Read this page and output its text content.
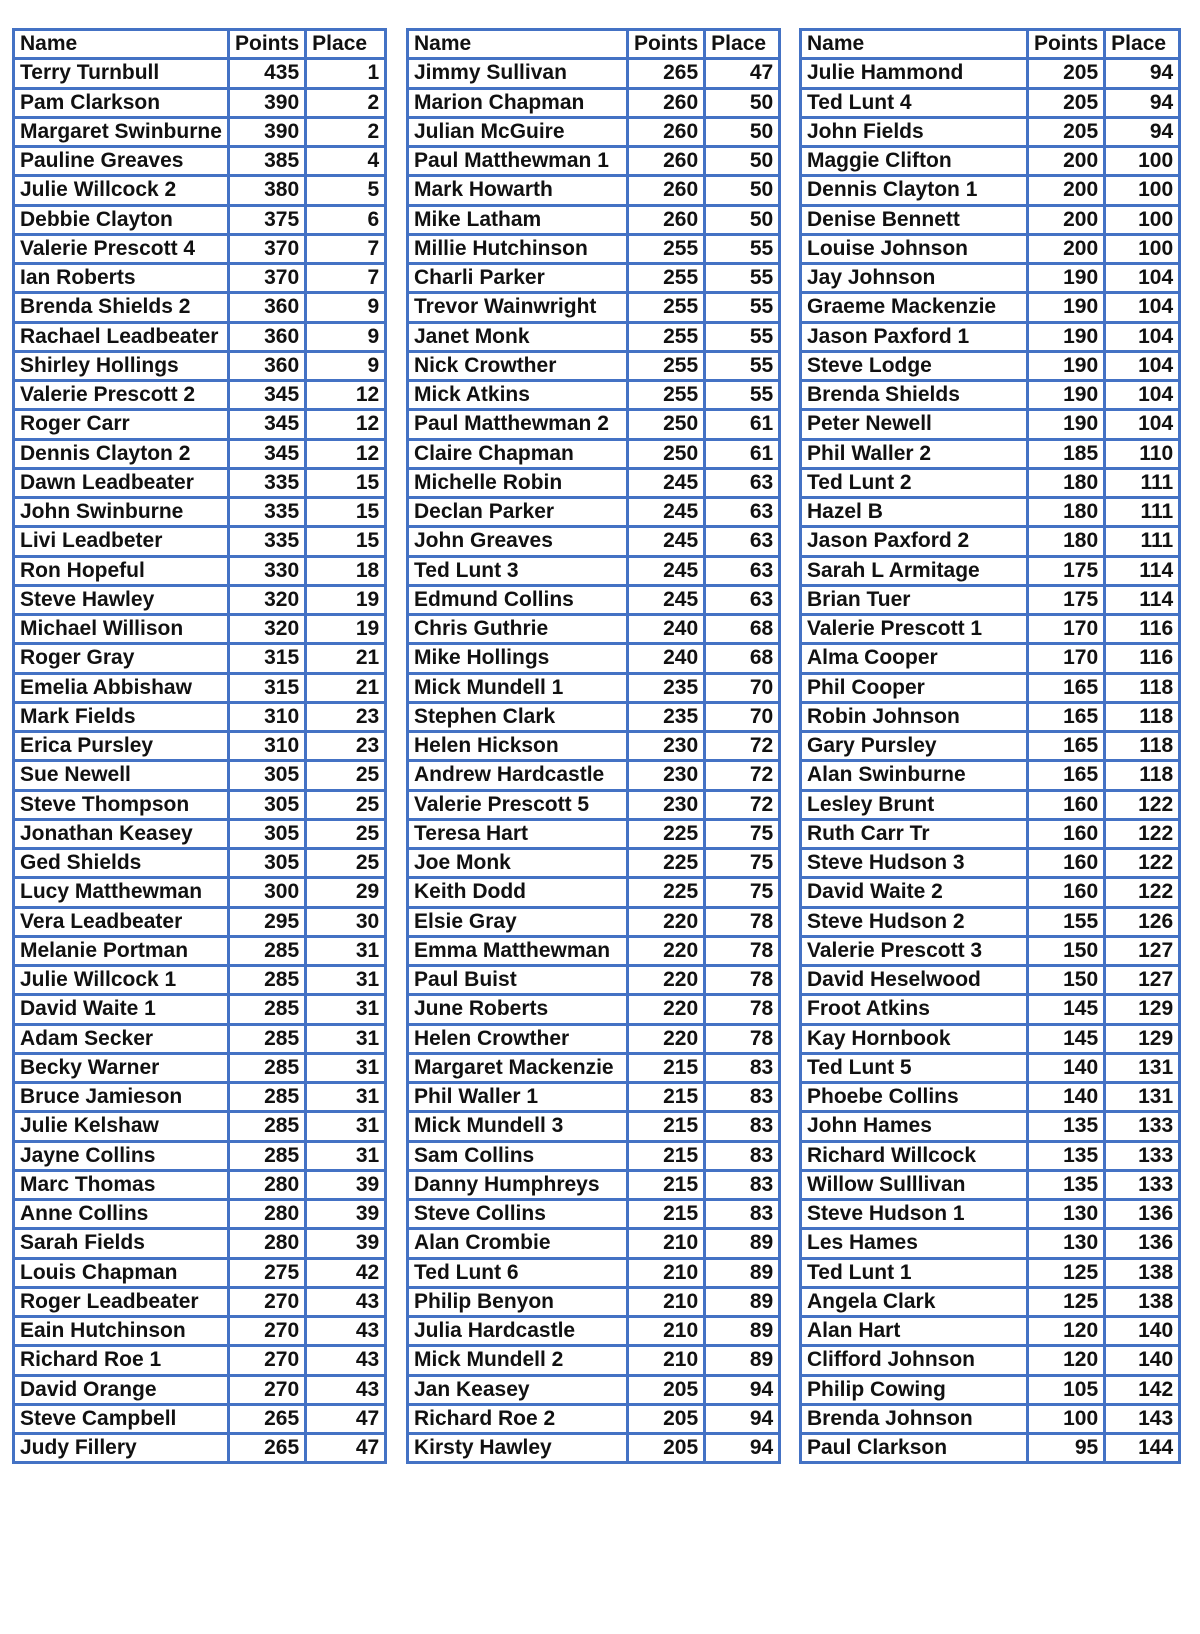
Name	Points	Place
Terry Turnbull	435	1
Pam Clarkson	390	2
Margaret Swinburne	390	2
Pauline Greaves	385	4
Julie Willcock 2	380	5
Debbie Clayton	375	6
Valerie Prescott 4	370	7
Ian Roberts	370	7
Brenda Shields 2	360	9
Rachael Leadbeater	360	9
Shirley Hollings	360	9
Valerie Prescott 2	345	12
Roger Carr	345	12
Dennis Clayton 2	345	12
Dawn Leadbeater	335	15
John Swinburne	335	15
Livi Leadbeter	335	15
Ron Hopeful	330	18
Steve Hawley	320	19
Michael Willison	320	19
Roger Gray	315	21
Emelia Abbishaw	315	21
Mark Fields	310	23
Erica Pursley	310	23
Sue Newell	305	25
Steve Thompson	305	25
Jonathan Keasey	305	25
Ged Shields	305	25
Lucy Matthewman	300	29
Vera Leadbeater	295	30
Melanie Portman	285	31
Julie Willcock 1	285	31
David Waite 1	285	31
Adam Secker	285	31
Becky Warner	285	31
Bruce Jamieson	285	31
Julie Kelshaw	285	31
Jayne Collins	285	31
Marc Thomas	280	39
Anne Collins	280	39
Sarah Fields	280	39
Louis Chapman	275	42
Roger Leadbeater	270	43
Eain Hutchinson	270	43
Richard Roe 1	270	43
David Orange	270	43
Steve Campbell	265	47
Judy Fillery	265	47
Name	Points	Place
Jimmy Sullivan	265	47
Marion Chapman	260	50
Julian McGuire	260	50
Paul Matthewman 1	260	50
Mark Howarth	260	50
Mike Latham	260	50
Millie Hutchinson	255	55
Charli Parker	255	55
Trevor Wainwright	255	55
Janet Monk	255	55
Nick Crowther	255	55
Mick Atkins	255	55
Paul Matthewman 2	250	61
Claire Chapman	250	61
Michelle Robin	245	63
Declan Parker	245	63
John Greaves	245	63
Ted Lunt 3	245	63
Edmund Collins	245	63
Chris Guthrie	240	68
Mike Hollings	240	68
Mick Mundell 1	235	70
Stephen Clark	235	70
Helen Hickson	230	72
Andrew Hardcastle	230	72
Valerie Prescott 5	230	72
Teresa Hart	225	75
Joe Monk	225	75
Keith Dodd	225	75
Elsie Gray	220	78
Emma Matthewman	220	78
Paul Buist	220	78
June Roberts	220	78
Helen Crowther	220	78
Margaret Mackenzie	215	83
Phil Waller 1	215	83
Mick Mundell 3	215	83
Sam Collins	215	83
Danny Humphreys	215	83
Steve Collins	215	83
Alan Crombie	210	89
Ted Lunt 6	210	89
Philip Benyon	210	89
Julia Hardcastle	210	89
Mick Mundell 2	210	89
Jan Keasey	205	94
Richard Roe 2	205	94
Kirsty Hawley	205	94
Name	Points	Place
Julie Hammond	205	94
Ted Lunt 4	205	94
John Fields	205	94
Maggie Clifton	200	100
Dennis Clayton 1	200	100
Denise Bennett	200	100
Louise Johnson	200	100
Jay Johnson	190	104
Graeme Mackenzie	190	104
Jason Paxford 1	190	104
Steve Lodge	190	104
Brenda Shields	190	104
Peter Newell	190	104
Phil Waller 2	185	110
Ted Lunt 2	180	111
Hazel B	180	111
Jason Paxford 2	180	111
Sarah L Armitage	175	114
Brian Tuer	175	114
Valerie Prescott 1	170	116
Alma Cooper	170	116
Phil Cooper	165	118
Robin Johnson	165	118
Gary Pursley	165	118
Alan Swinburne	165	118
Lesley Brunt	160	122
Ruth Carr Tr	160	122
Steve Hudson 3	160	122
David Waite 2	160	122
Steve Hudson 2	155	126
Valerie Prescott 3	150	127
David Heselwood	150	127
Froot Atkins	145	129
Kay Hornbook	145	129
Ted Lunt 5	140	131
Phoebe Collins	140	131
John Hames	135	133
Richard Willcock	135	133
Willow Sulllivan	135	133
Steve Hudson 1	130	136
Les Hames	130	136
Ted Lunt 1	125	138
Angela Clark	125	138
Alan Hart	120	140
Clifford Johnson	120	140
Philip Cowing	105	142
Brenda Johnson	100	143
Paul Clarkson	95	144
